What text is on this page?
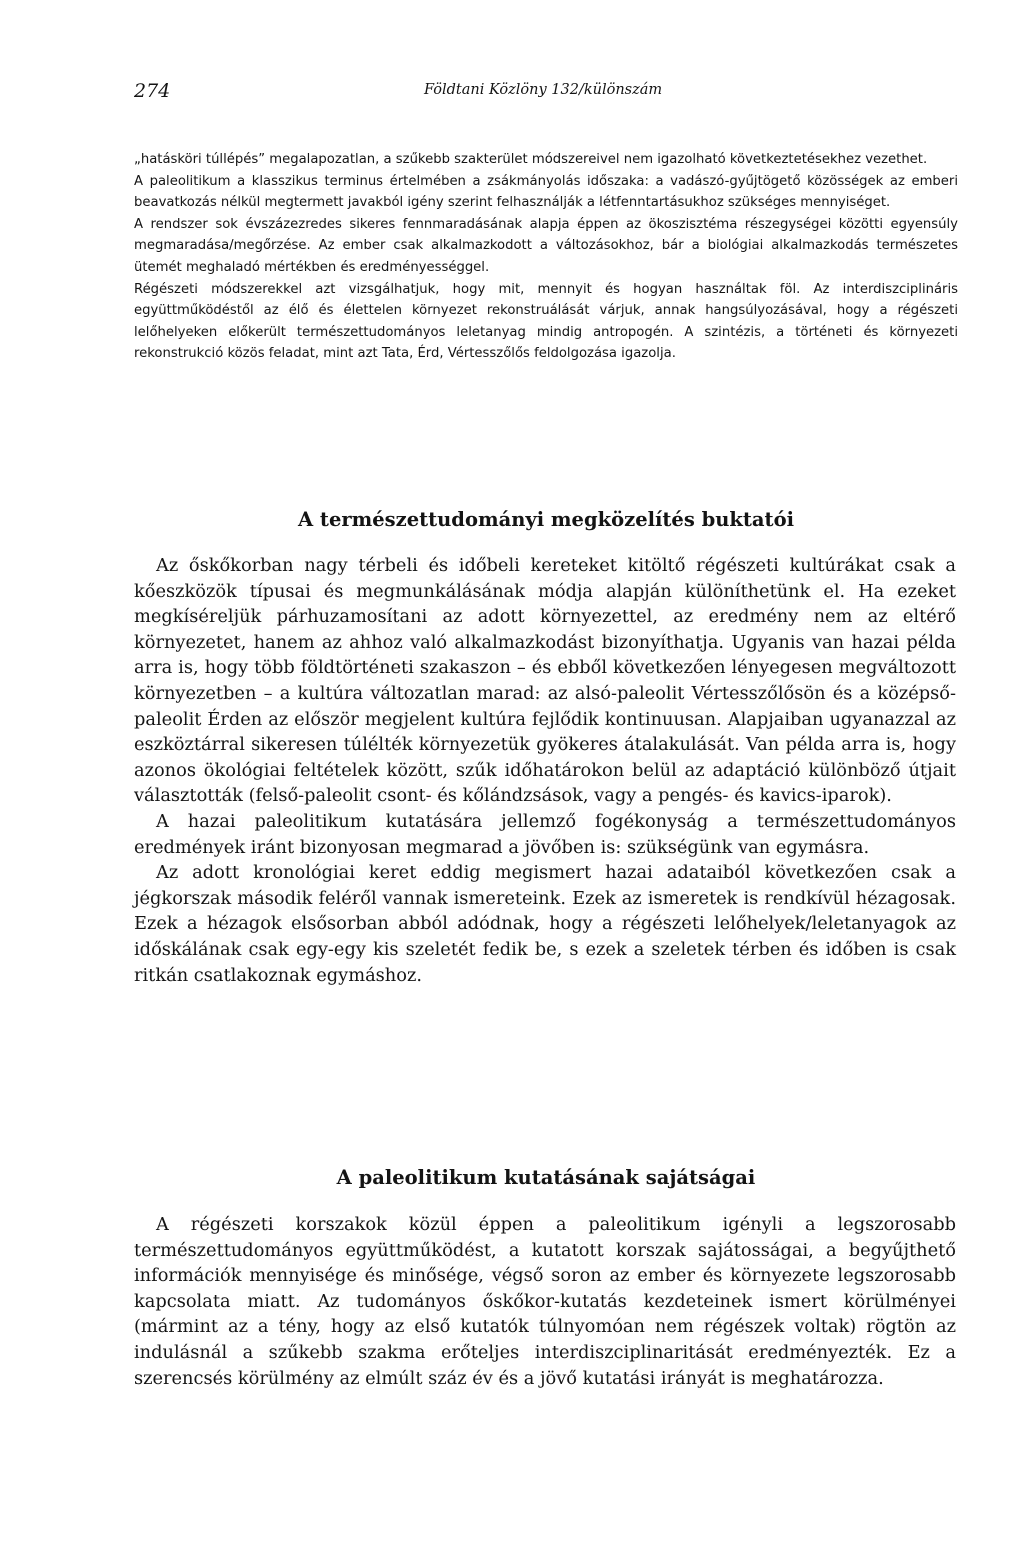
274	Földtani Közlöny 132/különszám

„hatásköri túllépés” megalapozatlan, a szűkebb szakterület módszereivel nem igazolható következtetésekhez vezethet.

A paleolitikum a klasszikus terminus értelmében a zsákmányolás időszaka: a vadászó-gyűjtögető közösségek az emberi beavatkozás nélkül megtermett javakból igény szerint felhasználják a létfenntartásukhoz szükséges mennyiséget.

A rendszer sok évszázezredes sikeres fennmaradásának alapja éppen az ökoszisztéma részegységei közötti egyensúly megmaradása/megőrzése. Az ember csak alkalmazkodott a változásokhoz, bár a biológiai alkalmazkodás természetes ütemét meghaladó mértékben és eredményességgel.

Régészeti módszerekkel azt vizsgálhatjuk, hogy mit, mennyit és hogyan használtak föl. Az interdiszciplináris együttműködéstől az élő és élettelen környezet rekonstruálását várjuk, annak hangsúlyozásával, hogy a régészeti lelőhelyeken előkerült természettudományos leletanyag mindig antropogén. A szintézis, a történeti és környezeti rekonstrukció közös feladat, mint azt Tata, Érd, Vértesszőlős feldolgozása igazolja.

A természettudományi megközelítés buktatói

Az őskőkorban nagy térbeli és időbeli kereteket kitöltő régészeti kultúrákat csak a kőeszközök típusai és megmunkálásának módja alapján különíthetünk el. Ha ezeket megkíséreljük párhuzamosítani az adott környezettel, az eredmény nem az eltérő környezetet, hanem az ahhoz való alkalmazkodást bizonyíthatja. Ugyanis van hazai példa arra is, hogy több földtörténeti szakaszon – és ebből következően lényegesen megváltozott környezetben – a kultúra változatlan marad: az alsó-paleolit Vértesszőlősön és a középső-paleolit Érden az először megjelent kultúra fejlődik kontinuusan. Alapjaiban ugyanazzal az eszköztárral sikeresen túlélték környezetük gyökeres átalakulását. Van példa arra is, hogy azonos ökológiai feltételek között, szűk időhatárokon belül az adaptáció különböző útjait választották (felső-paleolit csont- és kőlándzsások, vagy a pengés- és kavics-iparok).

A hazai paleolitikum kutatására jellemző fogékonyság a természettudományos eredmények iránt bizonyosan megmarad a jövőben is: szükségünk van egymásra.

Az adott kronológiai keret eddig megismert hazai adataiból következően csak a jégkorszak második feléről vannak ismereteink. Ezek az ismeretek is rendkívül hézagosak. Ezek a hézagok elsősorban abból adódnak, hogy a régészeti lelőhelyek/leletanyagok az időskálának csak egy-egy kis szeletét fedik be, s ezek a szeletek térben és időben is csak ritkán csatlakoznak egymáshoz.

A paleolitikum kutatásának sajátságai

A régészeti korszakok közül éppen a paleolitikum igényli a legszorosabb természettudományos együttműködést, a kutatott korszak sajátosságai, a begyűjthető információk mennyisége és minősége, végső soron az ember és környezete legszorosabb kapcsolata miatt. Az tudományos őskőkor-kutatás kezdeteinek ismert körülményei (mármint az a tény, hogy az első kutatók túlnyomóan nem régészek voltak) rögtön az indulásnál a szűkebb szakma erőteljes interdiszciplinaritását eredményezték. Ez a szerencsés körülmény az elmúlt száz év és a jövő kutatási irányát is meghatározza.
